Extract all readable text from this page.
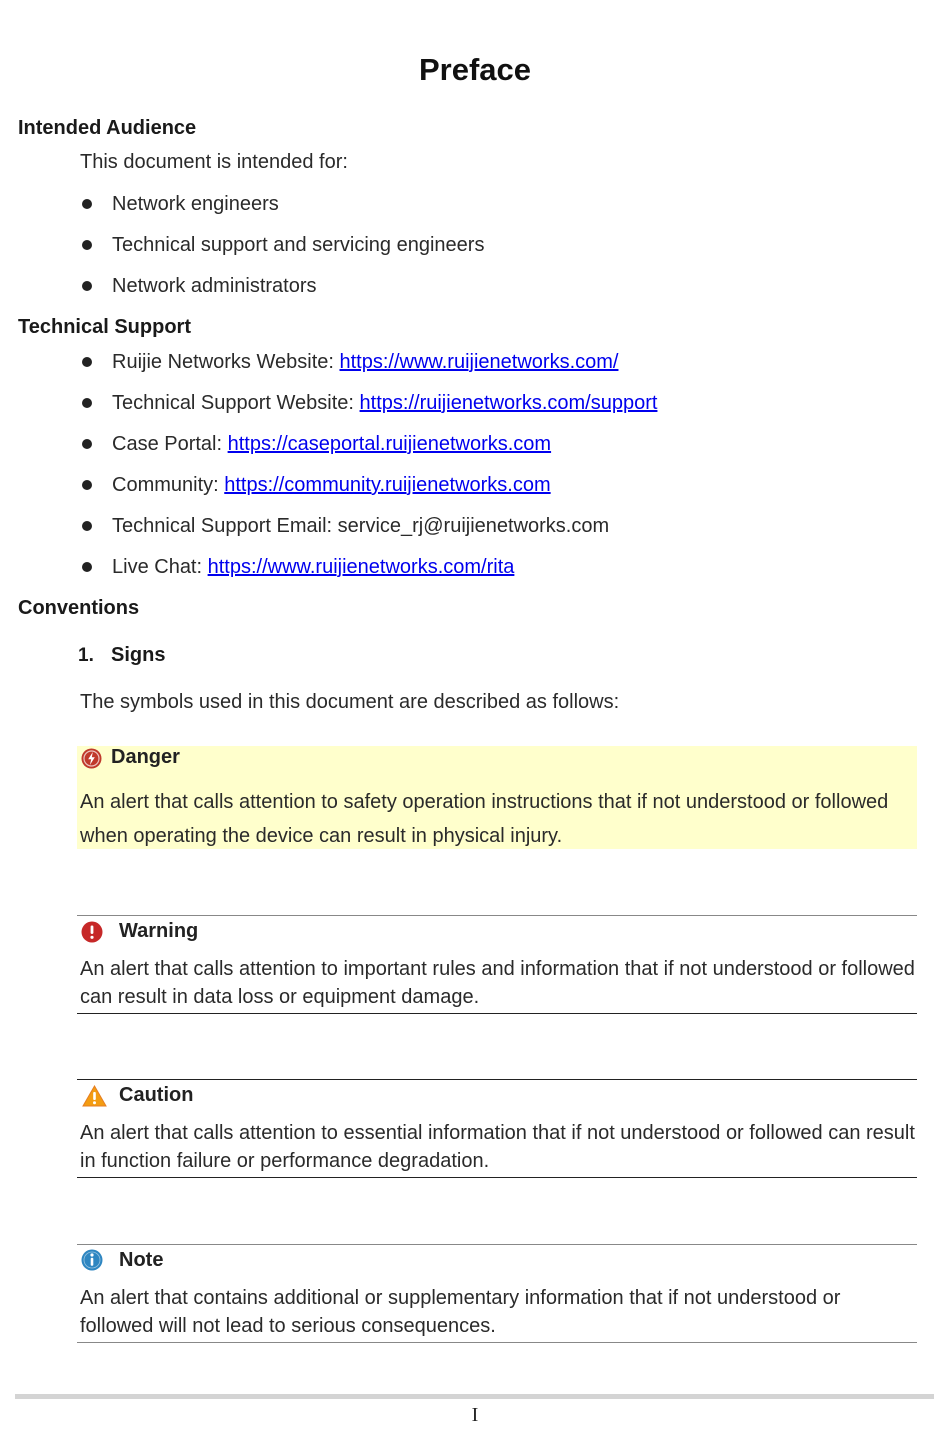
Preface
Intended Audience
This document is intended for:
Network engineers
Technical support and servicing engineers
Network administrators
Technical Support
Ruijie Networks Website: https://www.ruijienetworks.com/
Technical Support Website: https://ruijienetworks.com/support
Case Portal: https://caseportal.ruijienetworks.com
Community: https://community.ruijienetworks.com
Technical Support Email: service_rj@ruijienetworks.com
Live Chat: https://www.ruijienetworks.com/rita
Conventions
1. Signs
The symbols used in this document are described as follows:
Danger
An alert that calls attention to safety operation instructions that if not understood or followed when operating the device can result in physical injury.
Warning
An alert that calls attention to important rules and information that if not understood or followed can result in data loss or equipment damage.
Caution
An alert that calls attention to essential information that if not understood or followed can result in function failure or performance degradation.
Note
An alert that contains additional or supplementary information that if not understood or followed will not lead to serious consequences.
I
